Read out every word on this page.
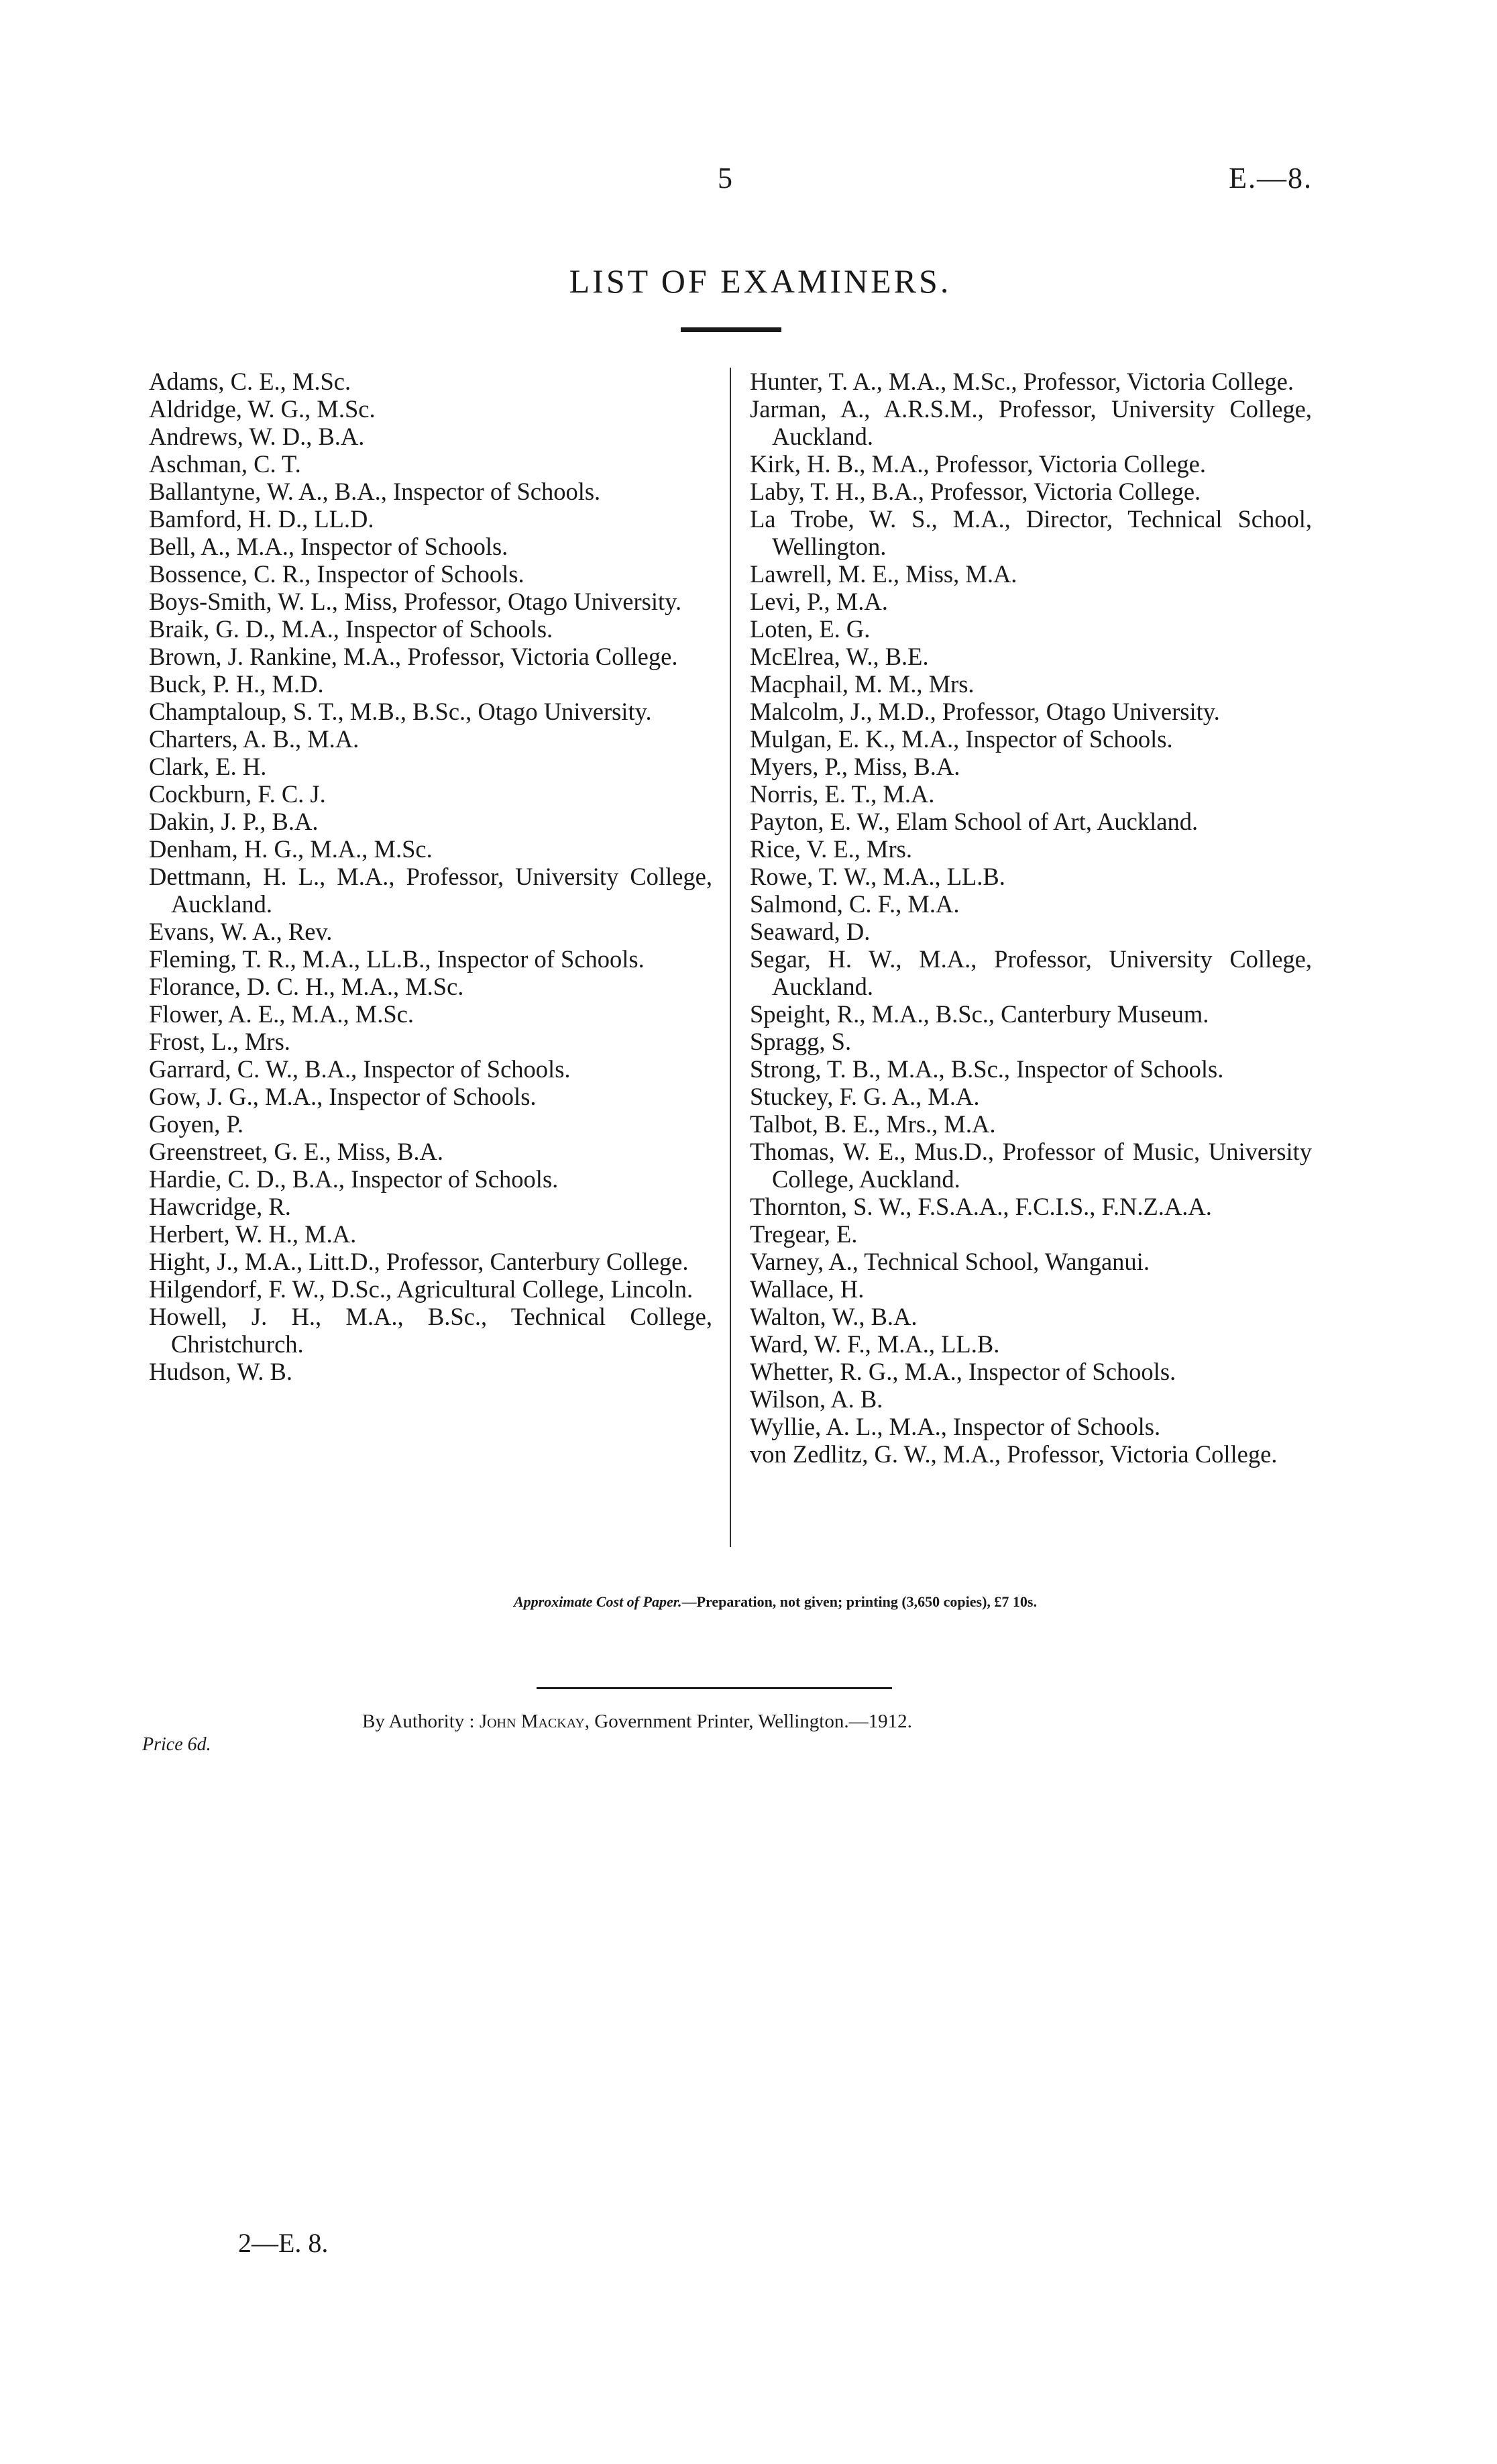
5	E.—8.
LIST OF EXAMINERS.
Adams, C. E., M.Sc.
Aldridge, W. G., M.Sc.
Andrews, W. D., B.A.
Aschman, C. T.
Ballantyne, W. A., B.A., Inspector of Schools.
Bamford, H. D., LL.D.
Bell, A., M.A., Inspector of Schools.
Bossence, C. R., Inspector of Schools.
Boys-Smith, W. L., Miss, Professor, Otago University.
Braik, G. D., M.A., Inspector of Schools.
Brown, J. Rankine, M.A., Professor, Victoria College.
Buck, P. H., M.D.
Champtaloup, S. T., M.B., B.Sc., Otago University.
Charters, A. B., M.A.
Clark, E. H.
Cockburn, F. C. J.
Dakin, J. P., B.A.
Denham, H. G., M.A., M.Sc.
Dettmann, H. L., M.A., Professor, University College, Auckland.
Evans, W. A., Rev.
Fleming, T. R., M.A., LL.B., Inspector of Schools.
Florance, D. C. H., M.A., M.Sc.
Flower, A. E., M.A., M.Sc.
Frost, L., Mrs.
Garrard, C. W., B.A., Inspector of Schools.
Gow, J. G., M.A., Inspector of Schools.
Goyen, P.
Greenstreet, G. E., Miss, B.A.
Hardie, C. D., B.A., Inspector of Schools.
Hawcridge, R.
Herbert, W. H., M.A.
Hight, J., M.A., Litt.D., Professor, Canterbury College.
Hilgendorf, F. W., D.Sc., Agricultural College, Lincoln.
Howell, J. H., M.A., B.Sc., Technical College, Christchurch.
Hudson, W. B.
Hunter, T. A., M.A., M.Sc., Professor, Victoria College.
Jarman, A., A.R.S.M., Professor, University College, Auckland.
Kirk, H. B., M.A., Professor, Victoria College.
Laby, T. H., B.A., Professor, Victoria College.
La Trobe, W. S., M.A., Director, Technical School, Wellington.
Lawrell, M. E., Miss, M.A.
Levi, P., M.A.
Loten, E. G.
McElrea, W., B.E.
Macphail, M. M., Mrs.
Malcolm, J., M.D., Professor, Otago University.
Mulgan, E. K., M.A., Inspector of Schools.
Myers, P., Miss, B.A.
Norris, E. T., M.A.
Payton, E. W., Elam School of Art, Auckland.
Rice, V. E., Mrs.
Rowe, T. W., M.A., LL.B.
Salmond, C. F., M.A.
Seaward, D.
Segar, H. W., M.A., Professor, University College, Auckland.
Speight, R., M.A., B.Sc., Canterbury Museum.
Spragg, S.
Strong, T. B., M.A., B.Sc., Inspector of Schools.
Stuckey, F. G. A., M.A.
Talbot, B. E., Mrs., M.A.
Thomas, W. E., Mus.D., Professor of Music, University College, Auckland.
Thornton, S. W., F.S.A.A., F.C.I.S., F.N.Z.A.A.
Tregear, E.
Varney, A., Technical School, Wanganui.
Wallace, H.
Walton, W., B.A.
Ward, W. F., M.A., LL.B.
Whetter, R. G., M.A., Inspector of Schools.
Wilson, A. B.
Wyllie, A. L., M.A., Inspector of Schools.
von Zedlitz, G. W., M.A., Professor, Victoria College.
Approximate Cost of Paper.—Preparation, not given; printing (3,650 copies), £7 10s.
Price 6d.
By Authority : John Mackay, Government Printer, Wellington.—1912.
2—E. 8.
